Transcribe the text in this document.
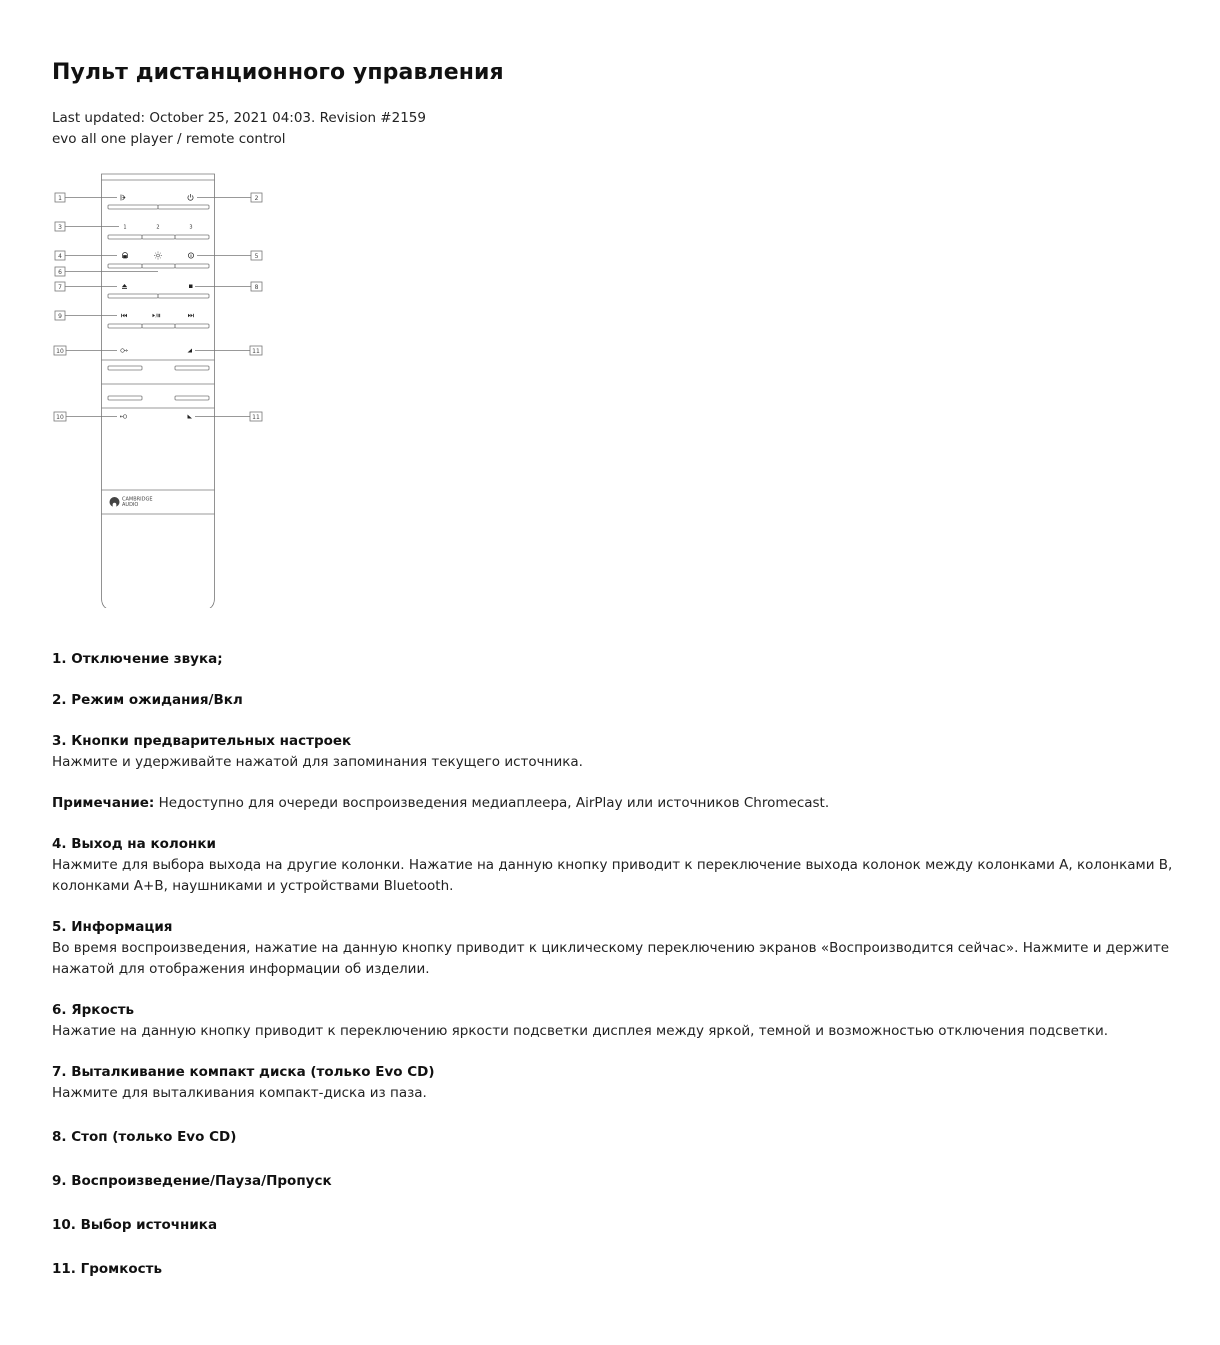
Пульт дистанционного управления
Last updated: October 25, 2021 04:03. Revision #2159
evo all one player / remote control
1	2
3
4	5
6
7	8
9
10	11
10	11
1	2	3
CAMBRIDGE
AUDIO
1. Отключение звука;
2. Режим ожидания/Вкл
3. Кнопки предварительных настроек

Нажмите и удерживайте нажатой для запоминания текущего источника.

Примечание: Недоступно для очереди воспроизведения медиаплеера, AirPlay или источников Chromecast.

4. Выход на колонки

Нажмите для выбора выхода на другие колонки. Нажатие на данную кнопку приводит к переключение выхода колонок между колонками А, колонками В, колонками А+В, наушниками и устройствами Bluetooth.

5. Информация

Во время воспроизведения, нажатие на данную кнопку приводит к циклическому переключению экранов «Воспроизводится сейчас». Нажмите и держите нажатой для отображения информации об изделии.

6. Яркость

Нажатие на данную кнопку приводит к переключению яркости подсветки дисплея между яркой, темной и возможностью отключения подсветки.

7. Выталкивание компакт диска (только Evo CD)

Нажмите для выталкивания компакт-диска из паза.

8. Стоп (только Evo CD)
9. Воспроизведение/Пауза/Пропуск
10. Выбор источника
11. Громкость
